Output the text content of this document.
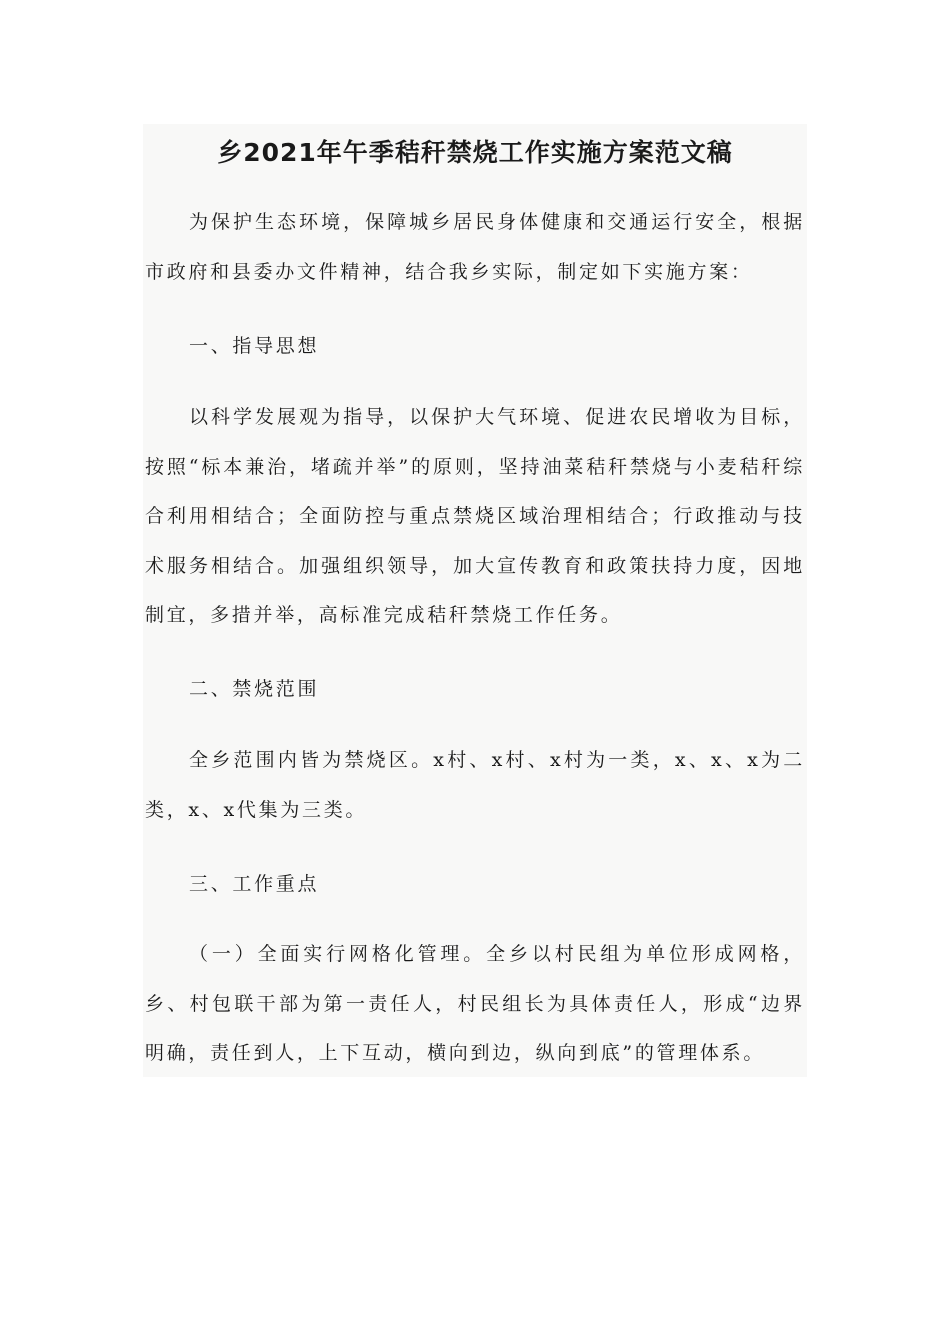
乡2021年午季秸秆禁烧工作实施方案范文稿

为保护生态环境，保障城乡居民身体健康和交通运行安全，根据市政府和县委办文件精神，结合我乡实际，制定如下实施方案：

一、指导思想

以科学发展观为指导，以保护大气环境、促进农民增收为目标，按照“标本兼治，堵疏并举”的原则，坚持油菜秸秆禁烧与小麦秸秆综合利用相结合；全面防控与重点禁烧区域治理相结合；行政推动与技术服务相结合。加强组织领导，加大宣传教育和政策扶持力度，因地制宜，多措并举，高标准完成秸秆禁烧工作任务。

二、禁烧范围

全乡范围内皆为禁烧区。x村、x村、x村为一类，x、x、x为二类，x、x代集为三类。

三、工作重点

（一）全面实行网格化管理。全乡以村民组为单位形成网格，乡、村包联干部为第一责任人，村民组长为具体责任人，形成“边界明确，责任到人，上下互动，横向到边，纵向到底”的管理体系。
